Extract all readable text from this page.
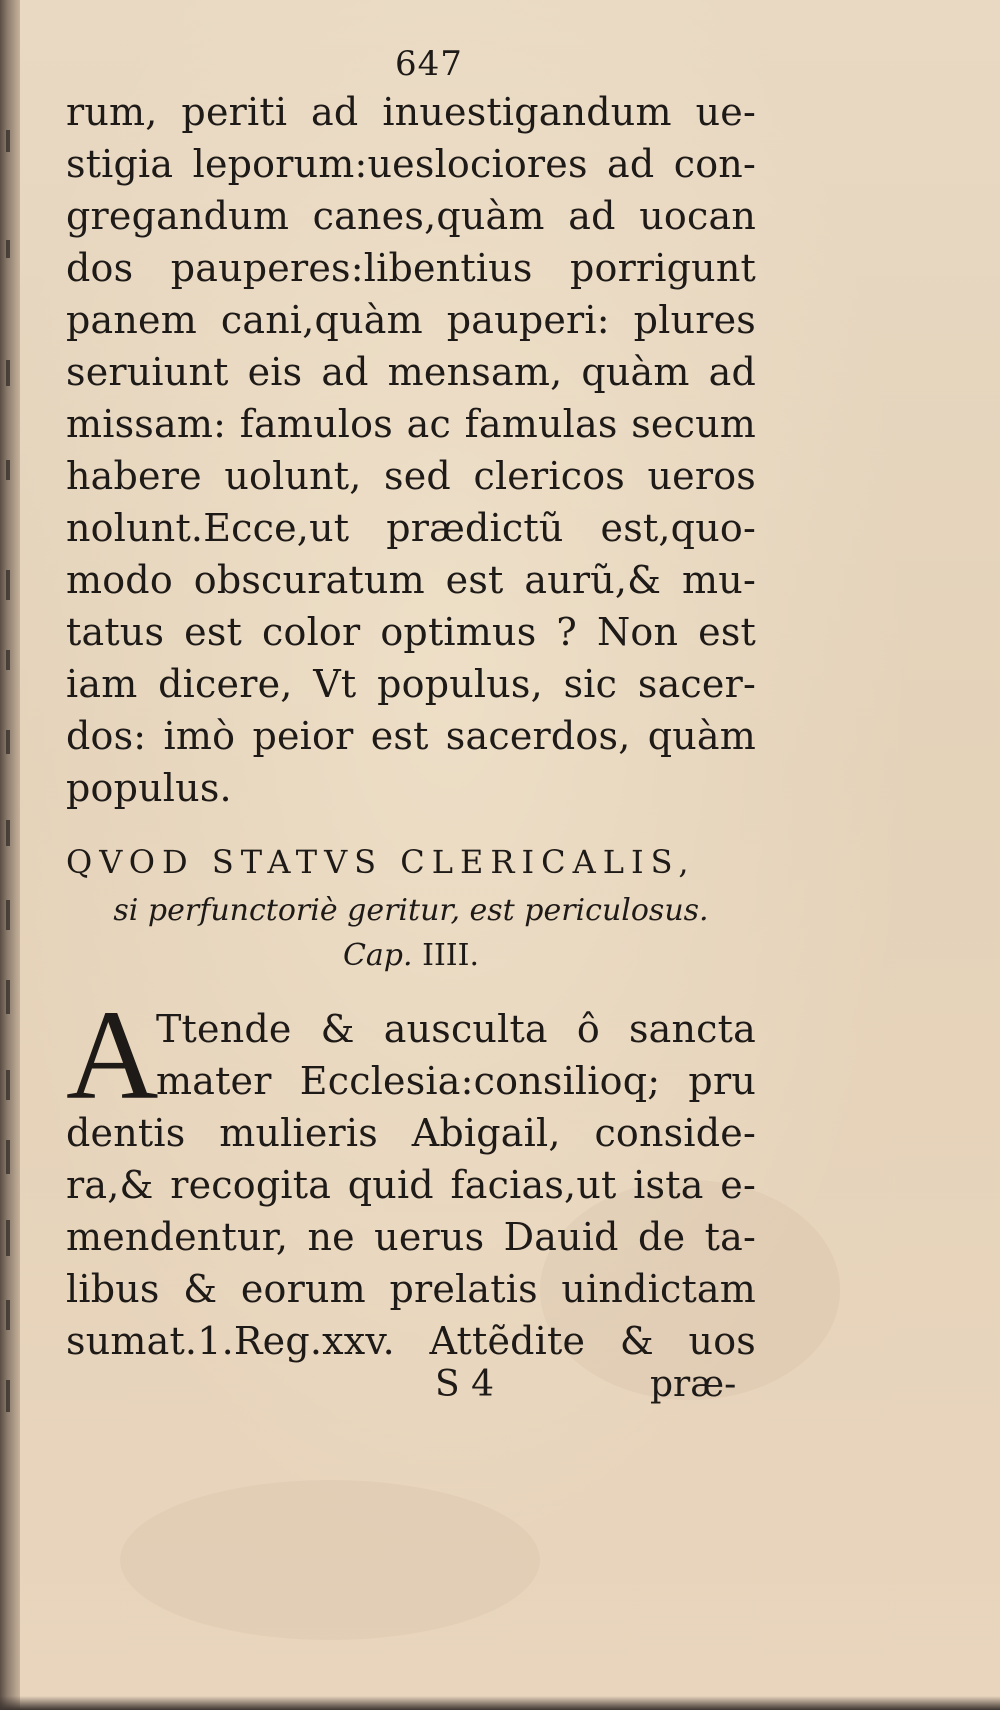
647
rum, periti ad inuestigandum ue-
stigia leporum:ueslociores ad con-
gregandum canes,quàm ad uocan
dos pauperes:libentius porrigunt
panem cani,quàm pauperi: plures
seruiunt eis ad mensam, quàm ad
missam: famulos ac famulas secum
habere uolunt, sed clericos ueros
nolunt.Ecce,ut prædictũ est,quo-
modo obscuratum est aurũ,& mu-
tatus est color optimus ? Non est
iam dicere, Vt populus, sic sacer-
dos: imò peior est sacerdos, quàm
populus.
QVOD STATVS CLERICALIS,
si perfunctoriè geritur, est periculosus.
Cap. IIII.
A
Ttende & ausculta ô sancta
mater Ecclesia:consilioq; pru
dentis mulieris Abigail, conside-
ra,& recogita quid facias,ut ista e-
mendentur, ne uerus Dauid de ta-
libus & eorum prelatis uindictam
sumat.1.Reg.xxv. Attẽdite & uos
S 4	præ-
